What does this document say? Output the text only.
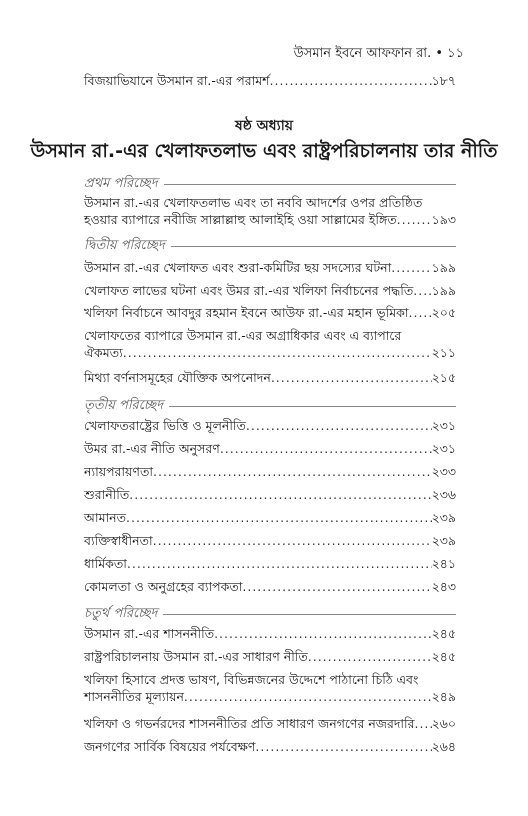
উসমান ইবনে আফফান রা. • ১১
বিজয়াভিযানে উসমান রা.-এর পরামর্শ .....	১৮৭
ষষ্ঠ অধ্যায়
উসমান রা.-এর খেলাফতলাভ এবং রাষ্ট্রপরিচালনায় তার নীতি
প্রথম পরিচ্ছেদ
উসমান রা.-এর খেলাফতলাভ এবং তা নববি আদর্শের ওপর প্রতিষ্ঠিত
হওয়ার ব্যাপারে নবীজি সাল্লাল্লাহু আলাইহি ওয়া সাল্লামের ইঙ্গিত .....	১৯৩
দ্বিতীয় পরিচ্ছেদ
উসমান রা.-এর খেলাফত এবং শুরা-কমিটির ছয় সদস্যের ঘটনা .....	১৯৯
খেলাফত লাভের ঘটনা এবং উমর রা.-এর খলিফা নির্বাচনের পদ্ধতি ..... ১৯৯
খলিফা নির্বাচনে আবদুর রহমান ইবনে আউফ রা.-এর মহান ভূমিকা ..... ২০৫
খেলাফতের ব্যাপারে উসমান রা.-এর অগ্রাধিকার এবং এ ব্যাপারে
ঐকমত্য .....	২১১
মিথ্যা বর্ণনাসমূহের যৌক্তিক অপনোদন .....	২১৫
তৃতীয় পরিচ্ছেদ
খেলাফতরাষ্ট্রের ভিত্তি ও মূলনীতি .....	২৩১
উমর রা.-এর নীতি অনুসরণ .....	২৩১
ন্যায়পরায়ণতা .....	২৩৩
শুরানীতি .....	২৩৬
আমানত .....	২৩৯
ব্যক্তিস্বাধীনতা .....	২৩৯
ধার্মিকতা .....	২৪১
কোমলতা ও অনুগ্রহের ব্যাপকতা .....	২৪৩
চতুর্থ পরিচ্ছেদ
উসমান রা.-এর শাসননীতি .....	২৪৫
রাষ্ট্রপরিচালনায় উসমান রা.-এর সাধারণ নীতি .....	২৪৫
খলিফা হিসাবে প্রদত্ত ভাষণ, বিভিন্নজনের উদ্দেশে পাঠানো চিঠি এবং
শাসননীতির মূল্যায়ন .....	২৪৯
খলিফা ও গভর্নরদের শাসননীতির প্রতি সাধারণ জনগণের নজরদারি ..... ২৬০
জনগণের সার্বিক বিষয়ের পর্যবেক্ষণ .....	২৬৪
